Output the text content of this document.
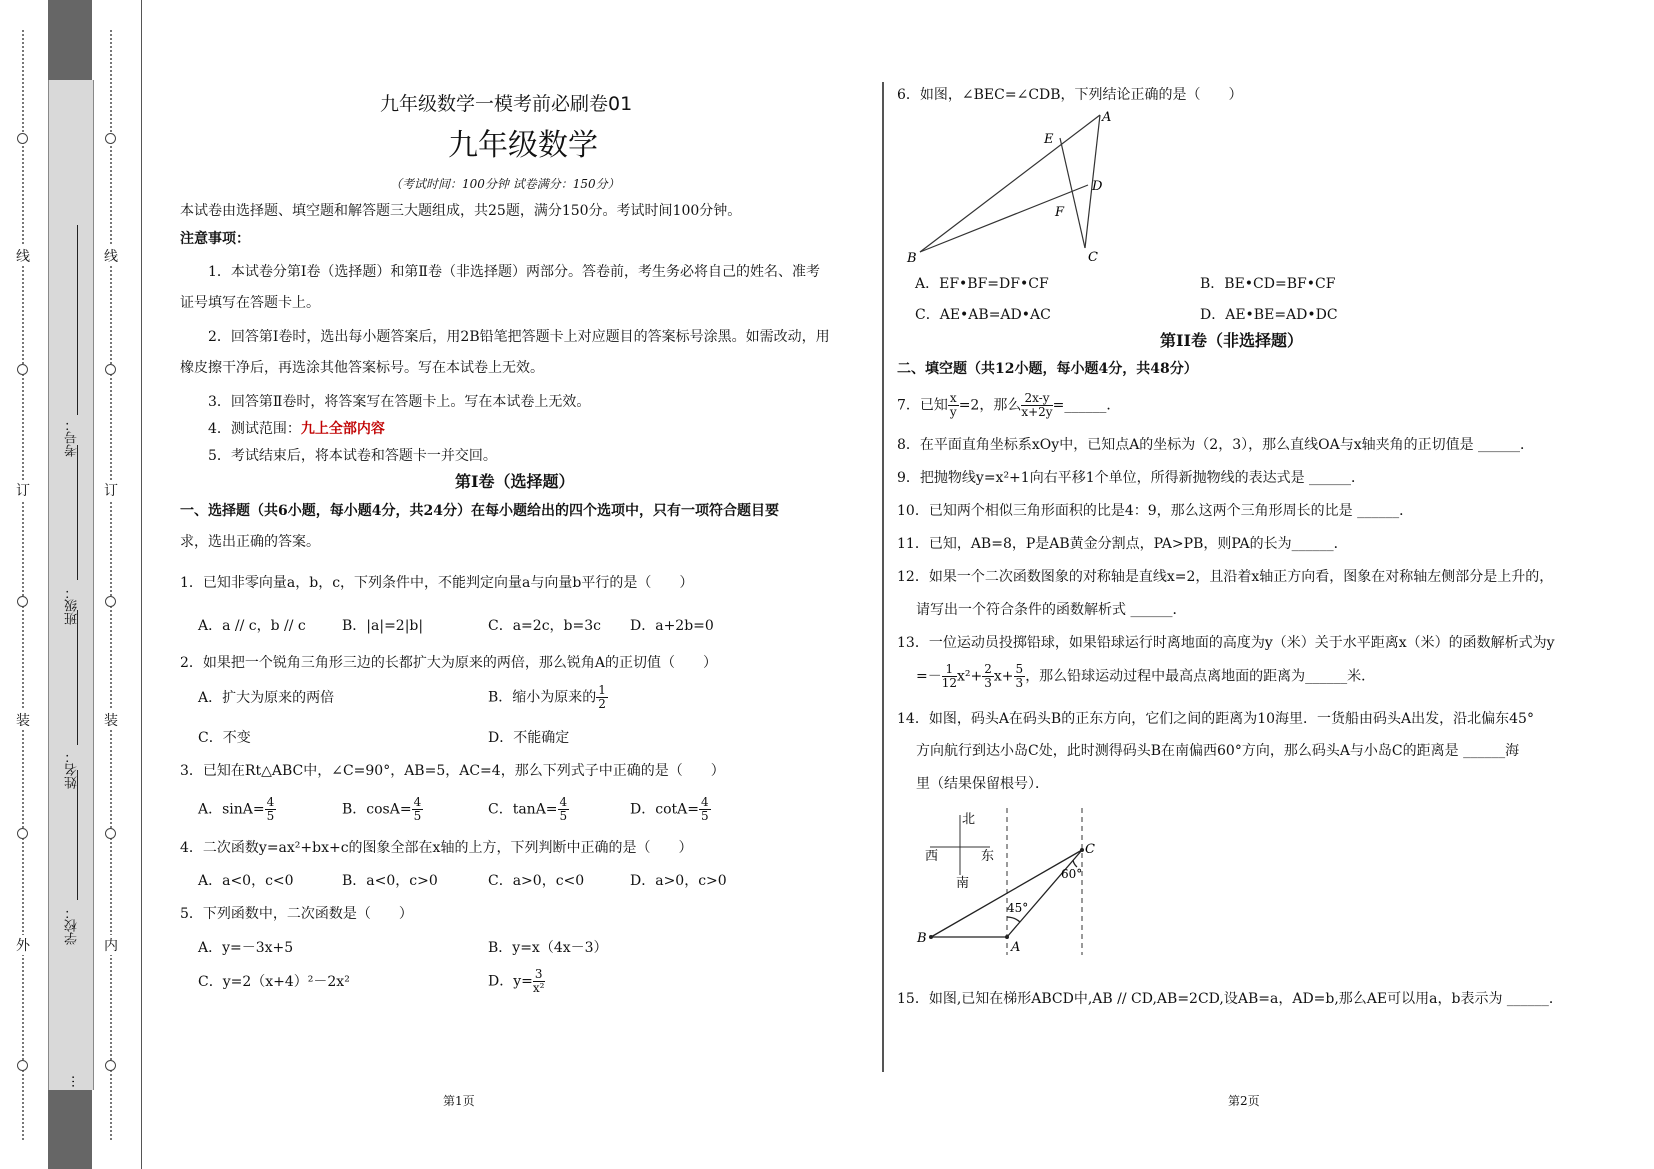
外
装
订
线
内
装
订
线
学校：
姓名：
班级：
考号：
…
九年级数学一模考前必刷卷01
九年级数学
（考试时间：100分钟 试卷满分：150分）
本试卷由选择题、填空题和解答题三大题组成，共25题，满分150分。考试时间100分钟。
注意事项：
1．本试卷分第Ⅰ卷（选择题）和第Ⅱ卷（非选择题）两部分。答卷前，考生务必将自己的姓名、准考
证号填写在答题卡上。
2．回答第Ⅰ卷时，选出每小题答案后，用2B铅笔把答题卡上对应题目的答案标号涂黑。如需改动，用
橡皮擦干净后，再选涂其他答案标号。写在本试卷上无效。
3．回答第Ⅱ卷时，将答案写在答题卡上。写在本试卷上无效。
4．测试范围：九上全部内容
5．考试结束后，将本试卷和答题卡一并交回。
第Ⅰ卷（选择题）
一、选择题（共6小题，每小题4分，共24分）在每小题给出的四个选项中，只有一项符合题目要
求，选出正确的答案。
1．已知非零向量a，b，c，下列条件中，不能判定向量a与向量b平行的是（　　）
A．a // c，b // c	B．|a|=2|b|	C．a=2c，b=3c D．a+2b=0
2．如果把一个锐角三角形三边的长都扩大为原来的两倍，那么锐角A的正切值（　　）
A．扩大为原来的两倍	B．缩小为原来的 $\frac{1}{2}$
C．不变	D．不能确定
3．已知在Rt△ABC中，∠C=90°，AB=5，AC=4，那么下列式子中正确的是（　　）
A．$\sin A= \frac{4}{5}$	B．$\cos A= \frac{4}{5}$	C．$\tan A= \frac{4}{5}$	D．$\cot A= \frac{4}{5}$
4．二次函数y=ax²+bx+c的图象全部在x轴的上方，下列判断中正确的是（　　）
A．a<0，c<0	B．a<0，c>0	C．a>0，c<0	D．a>0，c>0
5．下列函数中，二次函数是（　　）
A．y=－3x+5	B．y=x（4x－3）
C．y=2（x+4）²－2x²	D．$y= \frac{3}{\text{x²}}$
第1页
6．如图，∠BEC=∠CDB，下列结论正确的是（　　）
A
E
D
F
B	C
A．EF•BF=DF•CF	B．BE•CD=BF•CF
C．AE•AB=AD•AC	D．AE•BE=AD•DC
第II卷（非选择题）
二、填空题（共12小题，每小题4分，共48分）
7．已知 $\frac{x}{y} =2$，那么 $\frac{2x-y}{x+2y}$ =______．
8．在平面直角坐标系xOy中，已知点A的坐标为（2，3），那么直线OA与x轴夹角的正切值是 ______．
9．把抛物线y=x²+1向右平移1个单位，所得新抛物线的表达式是 ______．
10．已知两个相似三角形面积的比是4：9，那么这两个三角形周长的比是 ______．
11．已知，AB=8，P是AB黄金分割点，PA>PB，则PA的长为______．
12．如果一个二次函数图象的对称轴是直线x=2，且沿着x轴正方向看，图象在对称轴左侧部分是上升的，
请写出一个符合条件的函数解析式 ______．
13．一位运动员投掷铅球，如果铅球运行时离地面的高度为y（米）关于水平距离x（米）的函数解析式为y
=－ $\frac{1}{12} x^2+ \frac{2}{3} x+ \frac{5}{3}$ ，那么铅球运动过程中最高点离地面的距离为______米．
14．如图，码头A在码头B的正东方向，它们之间的距离为10海里．一货船由码头A出发，沿北偏东45°
方向航行到达小岛C处，此时测得码头B在南偏西60°方向，那么码头A与小岛C的距离是 ______海
里（结果保留根号）．
北
南
西	东
A
B
C
45°
60°
15．如图,已知在梯形ABCD中,AB // CD,AB=2CD,设AB=a，AD=b,那么AE可以用a，b表示为 ______．
第2页
